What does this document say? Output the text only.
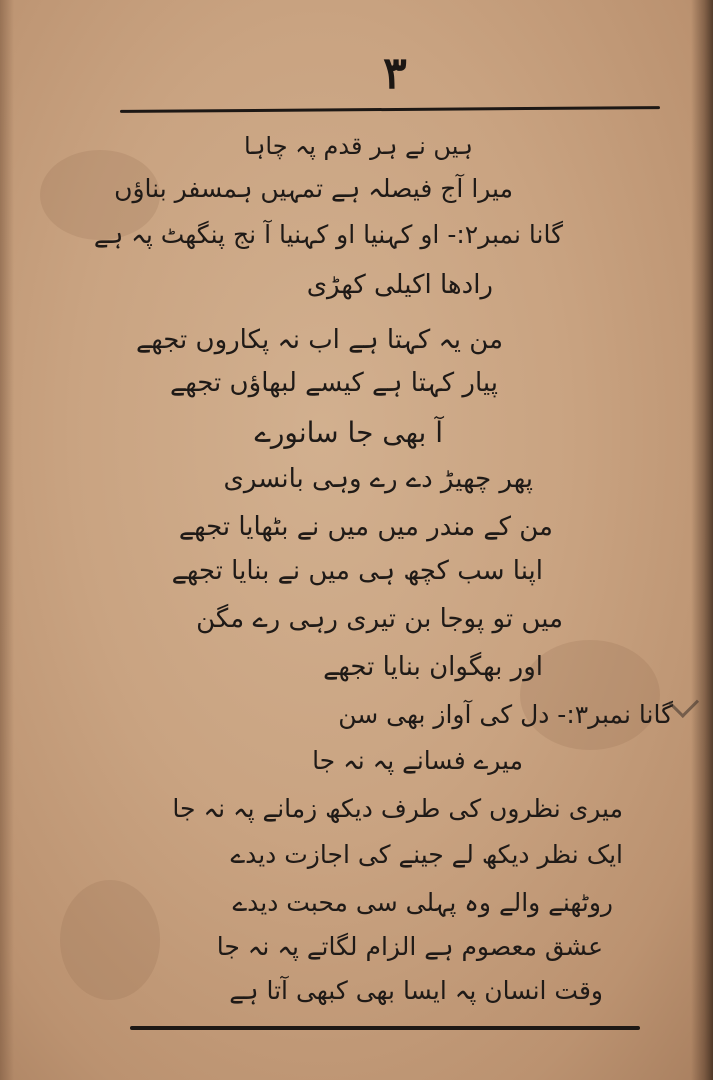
٣
ہیں نے ہر قدم پہ چاہا
میرا آج فیصلہ ہے تمہیں ہمسفر بناؤں
گانا نمبر۲:- او کہنیا او کہنیا آ نج پنگھٹ پہ ہے
رادھا اکیلی کھڑی
من یہ کہتا ہے اب نہ پکاروں تجھے
پیار کہتا ہے کیسے لبھاؤں تجھے
آ بھی جا سانورے
پھر چھیڑ دے رے وہی بانسری
من کے مندر میں میں نے بٹھایا تجھے
اپنا سب کچھ ہی میں نے بنایا تجھے
میں تو پوجا بن تیری رہی رے مگن
اور بھگوان بنایا تجھے
گانا نمبر۳:- دل کی آواز بھی سن
میرے فسانے پہ نہ جا
میری نظروں کی طرف دیکھ زمانے پہ نہ جا
ایک نظر دیکھ لے جینے کی اجازت دیدے
روٹھنے والے وہ پہلی سی محبت دیدے
عشق معصوم ہے الزام لگاتے پہ نہ جا
وقت انسان پہ ایسا بھی کبھی آتا ہے
